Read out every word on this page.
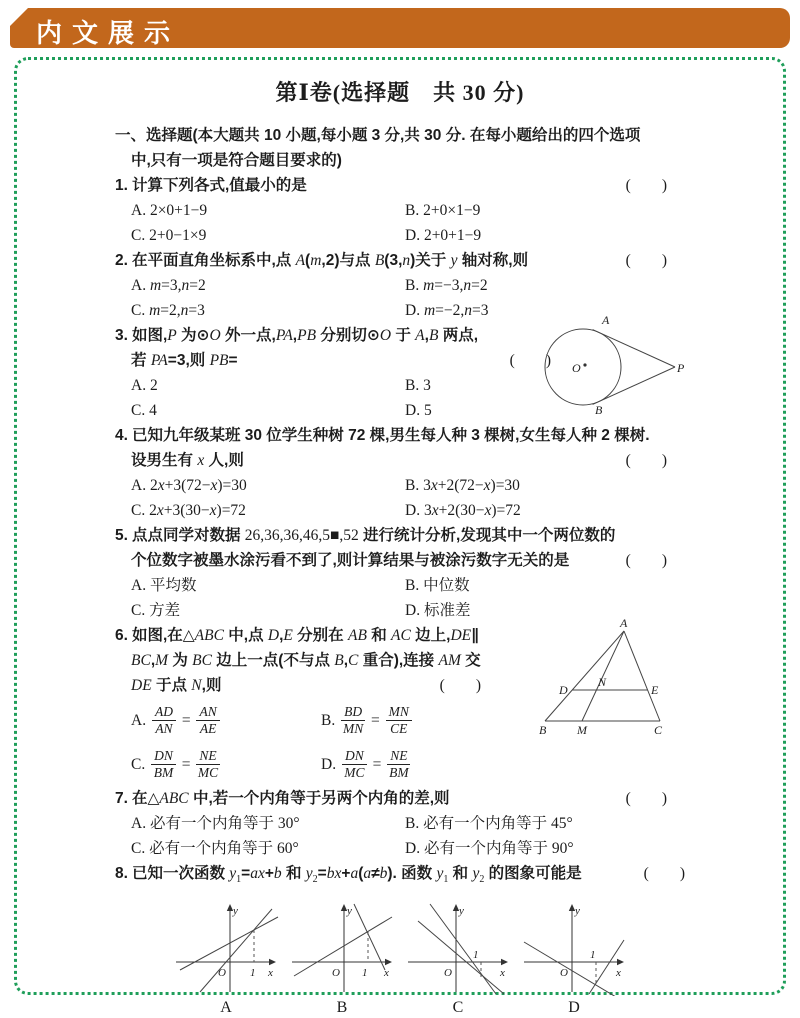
内文展示
第Ⅰ卷(选择题　共 30 分)
一、选择题(本大题共 10 小题,每小题 3 分,共 30 分. 在每小题给出的四个选项
中,只有一项是符合题目要求的)
(　　)
1. 计算下列各式,值最小的是
A. 2×0+1−9	B. 2+0×1−9
C. 2+0−1×9	D. 2+0+1−9
(　　)
2. 在平面直角坐标系中,点 A(m,2)与点 B(3,n)关于 y 轴对称,则
A. m=3,n=2	B. m=−3,n=2
C. m=2,n=3	D. m=−2,n=3
A
B
O	P
3. 如图,P 为⊙O 外一点,PA,PB 分别切⊙O 于 A,B 两点,
(　　)
若 PA=3,则 PB=
A. 2	B. 3
C. 4	D. 5
4. 已知九年级某班 30 位学生种树 72 棵,男生每人种 3 棵树,女生每人种 2 棵树.
(　　)
设男生有 x 人,则
A. 2x+3(72−x)=30	B. 3x+2(72−x)=30
C. 2x+3(30−x)=72	D. 3x+2(30−x)=72
5. 点点同学对数据 26,36,36,46,5■,52 进行统计分析,发现其中一个两位数的
(　　)
个位数字被墨水涂污看不到了,则计算结果与被涂污数字无关的是
A. 平均数	B. 中位数
C. 方差	D. 标准差
A
B	C
D	E
M
N
6. 如图,在△ABC 中,点 D,E 分别在 AB 和 AC 边上,DE∥
BC,M 为 BC 边上一点(不与点 B,C 重合),连接 AM 交
(　　)
DE 于点 N,则
A. $\frac{AD}{AN} = \frac{AN}{AE}$	B. $\frac{BD}{MN} = \frac{MN}{CE}$
C. $\frac{DN}{BM} = \frac{NE}{MC}$	D. $\frac{DN}{MC} = \frac{NE}{BM}$
(　　)
7. 在△ABC 中,若一个内角等于另两个内角的差,则
A. 必有一个内角等于 30°	B. 必有一个内角等于 45°
C. 必有一个内角等于 60°	D. 必有一个内角等于 90°
(　　)
8. 已知一次函数 $y_1=ax+b$ 和 $y_2=bx+a(a\ne b)$. 函数 $y_1$ 和 $y_2$ 的图象可能是
y
x
O 1
A
y
x
O 1
B
y
x
O
1
C
y
x
O
1
D
